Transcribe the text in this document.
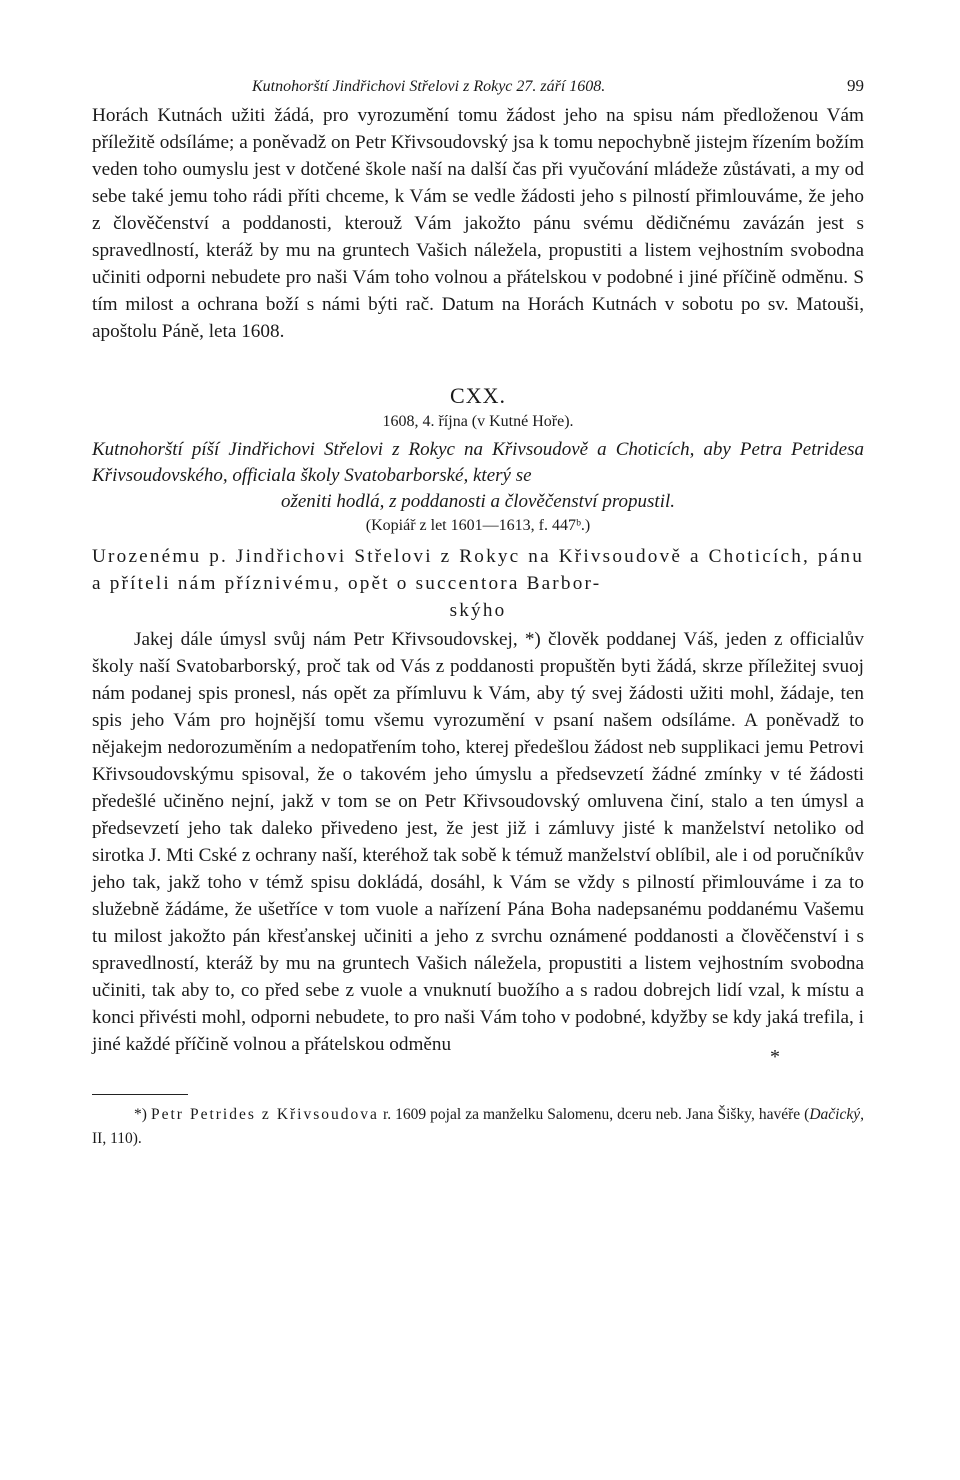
Kutnohorští Jindřichovi Střelovi z Rokyc 27. září 1608.	99

Horách Kutnách užiti žádá, pro vyrozumění tomu žádost jeho na spisu nám předloženou Vám příležitě odsíláme; a poněvadž on Petr Křivsoudovský jsa k tomu nepochybně jistejm řízením božím veden toho oumyslu jest v dotčené škole naší na další čas při vyučování mládeže zůstávati, a my od sebe také jemu toho rádi příti chceme, k Vám se vedle žádosti jeho s pilností přimlouváme, že jeho z člověčenství a poddanosti, kterouž Vám jakožto pánu svému dědičnému zavázán jest s spravedlností, kteráž by mu na gruntech Vašich náležela, propustiti a listem vejhostním svobodna učiniti odporni nebudete pro naši Vám toho volnou a přátelskou v podobné i jiné příčině odměnu. S tím milost a ochrana boží s námi býti rač. Datum na Horách Kutnách v sobotu po sv. Matouši, apoštolu Páně, leta 1608.

CXX.
1608, 4. října (v Kutné Hoře).

Kutnohorští píší Jindřichovi Střelovi z Rokyc na Křivsoudově a Choticích, aby Petra Petridesa Křivsoudovského, officiala školy Svatobarborské, který se
oženiti hodlá, z poddanosti a člověčenství propustil.

(Kopiář z let 1601—1613, f. 447ᵇ.)

Urozenému p. Jindřichovi Střelovi z Rokyc na Křivsoudově a Choticích, pánu a příteli nám příznivému, opět o succentora Barbor-

skýho

Jakej dále úmysl svůj nám Petr Křivsoudovskej, *) člověk poddanej Váš, jeden z officialův školy naší Svatobarborský, proč tak od Vás z poddanosti propuštěn byti žádá, skrze příležitej svuoj nám podanej spis pronesl, nás opět za přímluvu k Vám, aby tý svej žádosti užiti mohl, žádaje, ten spis jeho Vám pro hojnější tomu všemu vyrozumění v psaní našem odsíláme. A poněvadž to nějakejm nedorozuměním a nedopatřením toho, kterej předešlou žádost neb supplikaci jemu Petrovi Křivsoudovskýmu spisoval, že o takovém jeho úmyslu a předsevzetí žádné zmínky v té žádosti předešlé učiněno nejní, jakž v tom se on Petr Křivsoudovský omluvena činí, stalo a ten úmysl a předsevzetí jeho tak daleko přivedeno jest, že jest již i zámluvy jisté k manželství netoliko od sirotka J. Mti Cské z ochrany naší, kteréhož tak sobě k témuž manželství oblíbil, ale i od poručníkův jeho tak, jakž toho v témž spisu dokládá, dosáhl, k Vám se vždy s pilností přimlouváme i za to služebně žádáme, že ušetříce v tom vuole a nařízení Pána Boha nadepsanému poddanému Vašemu tu milost jakožto pán křesťanskej učiniti a jeho z svrchu oznámené poddanosti a člověčenství i s spravedlností, kteráž by mu na gruntech Vašich náležela, propustiti a listem vejhostním svobodna učiniti, tak aby to, co před sebe z vuole a vnuknutí buožího a s radou dobrejch lidí vzal, k místu a konci přivésti mohl, odporni nebudete, to pro naši Vám toho v podobné, kdyžby se kdy jaká trefila, i jiné každé příčině volnou a přátelskou odměnu

*) Petr Petrides z Křivsoudova r. 1609 pojal za manželku Salomenu, dceru neb. Jana Šišky, havéře (Dačický, II, 110).

*
